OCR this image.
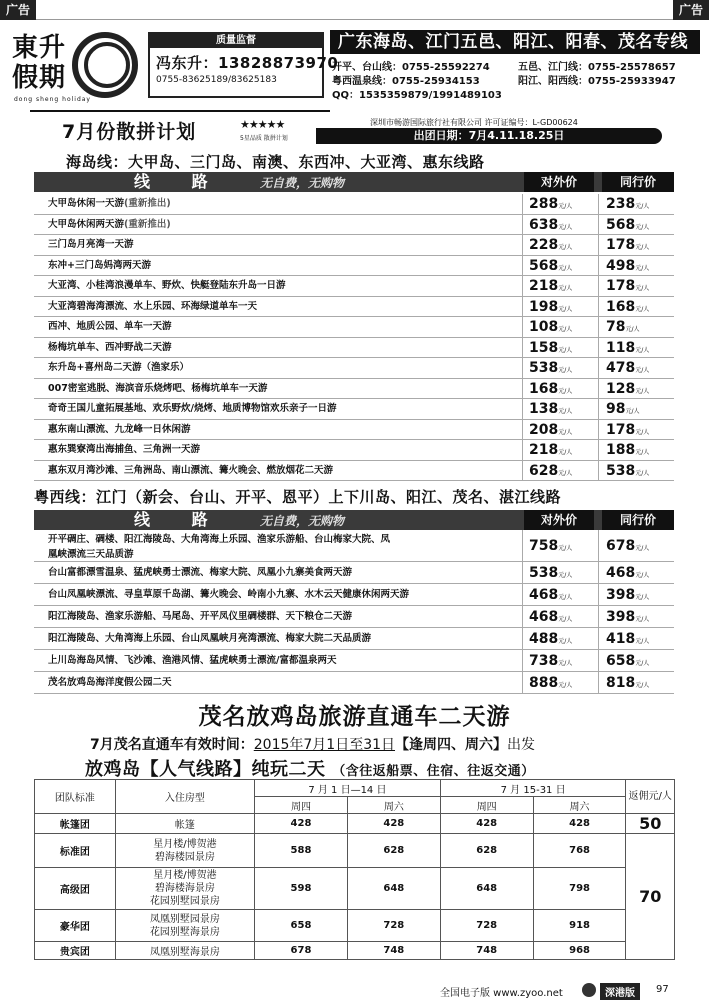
广告	广告
東升
假期
dong sheng holiday
质量监督
冯东升：13828873970
0755-83625189/83625183
广东海岛、江门五邑、阳江、阳春、茂名专线
开平、台山线：0755-25592274	五邑、江门线：0755-25578657
粤西温泉线：0755-25934153	阳江、阳西线：0755-25933947
QQ：1535359879/1991489103
7月份散拼计划	★★★★★
5星品质 散拼计划
深圳市畅游国际旅行社有限公司 许可证编号：L-GD00624
出团日期：7月4.11.18.25日
海岛线：大甲岛、三门岛、南澳、东西冲、大亚湾、惠东线路
线 路	无自费，无购物	对外价	同行价
大甲岛休闲一天游(重新推出)	288元/人 238元/人
大甲岛休闲两天游(重新推出)	638元/人 568元/人
三门岛月亮湾一天游	228元/人 178元/人
东冲+三门岛妈湾两天游	568元/人 498元/人
大亚湾、小桂湾浪漫单车、野炊、快艇登陆东升岛一日游	218元/人 178元/人
大亚湾碧海湾漂流、水上乐园、环海绿道单车一天	198元/人 168元/人
西冲、地质公园、单车一天游	108元/人 78元/人
杨梅坑单车、西冲野战二天游	158元/人 118元/人
东升岛+喜州岛二天游（渔家乐）	538元/人 478元/人
007密室逃脱、海滨音乐烧烤吧、杨梅坑单车一天游	168元/人 128元/人
奇奇王国儿童拓展基地、欢乐野炊/烧烤、地质博物馆欢乐亲子一日游	138元/人 98元/人
惠东南山漂流、九龙峰一日休闲游	208元/人 178元/人
惠东巽寮湾出海捕鱼、三角洲一天游	218元/人 188元/人
惠东双月湾沙滩、三角洲岛、南山漂流、篝火晚会、燃放烟花二天游	628元/人 538元/人
粤西线：江门（新会、台山、开平、恩平）上下川岛、阳江、茂名、湛江线路
线 路	无自费，无购物	对外价	同行价
开平碉庄、碉楼、阳江海陵岛、大角湾海上乐园、渔家乐游船、台山梅家大院、凤
凰峡漂流三天品质游
758元/人 678元/人
台山富都漂雪温泉、猛虎峡勇士漂流、梅家大院、凤凰小九寨美食两天游	538元/人 468元/人
台山凤凰峡漂流、寻皇草原千岛湖、篝火晚会、岭南小九寨、水木云天健康休闲两天游	468元/人 398元/人
阳江海陵岛、渔家乐游船、马尾岛、开平凤仪里碉楼群、天下粮仓二天游	468元/人 398元/人
阳江海陵岛、大角湾海上乐园、台山凤凰峡月亮湾漂流、梅家大院二天品质游	488元/人 418元/人
上川岛海岛风情、飞沙滩、渔港风情、猛虎峡勇士漂流/富都温泉两天	738元/人 658元/人
茂名放鸡岛海洋度假公园二天	888元/人 818元/人
茂名放鸡岛旅游直通车二天游
7月茂名直通车有效时间：2015年7月1日至31日【逢周四、周六】出发
放鸡岛【人气线路】纯玩二天 （含往返船票、住宿、往返交通）
团队标准	入住房型	7 月 1 日—14 日		7 月 15-31 日		返佣元/人
		周四	周六	周四	周六	
帐篷团	帐篷	428	428	428	428	50
标准团	星月楼/博贺港
碧海楼园景房	588	628	628	768	70
高级团	星月楼/博贺港
碧海楼海景房
花园别墅园景房	598	648	648	798	
豪华团	凤凰别墅园景房
花园别墅海景房	658	728	728	918	
贵宾团	凤凰别墅海景房	678	748	748	968	
全国电子版 www.zyoo.net	深港版	97
